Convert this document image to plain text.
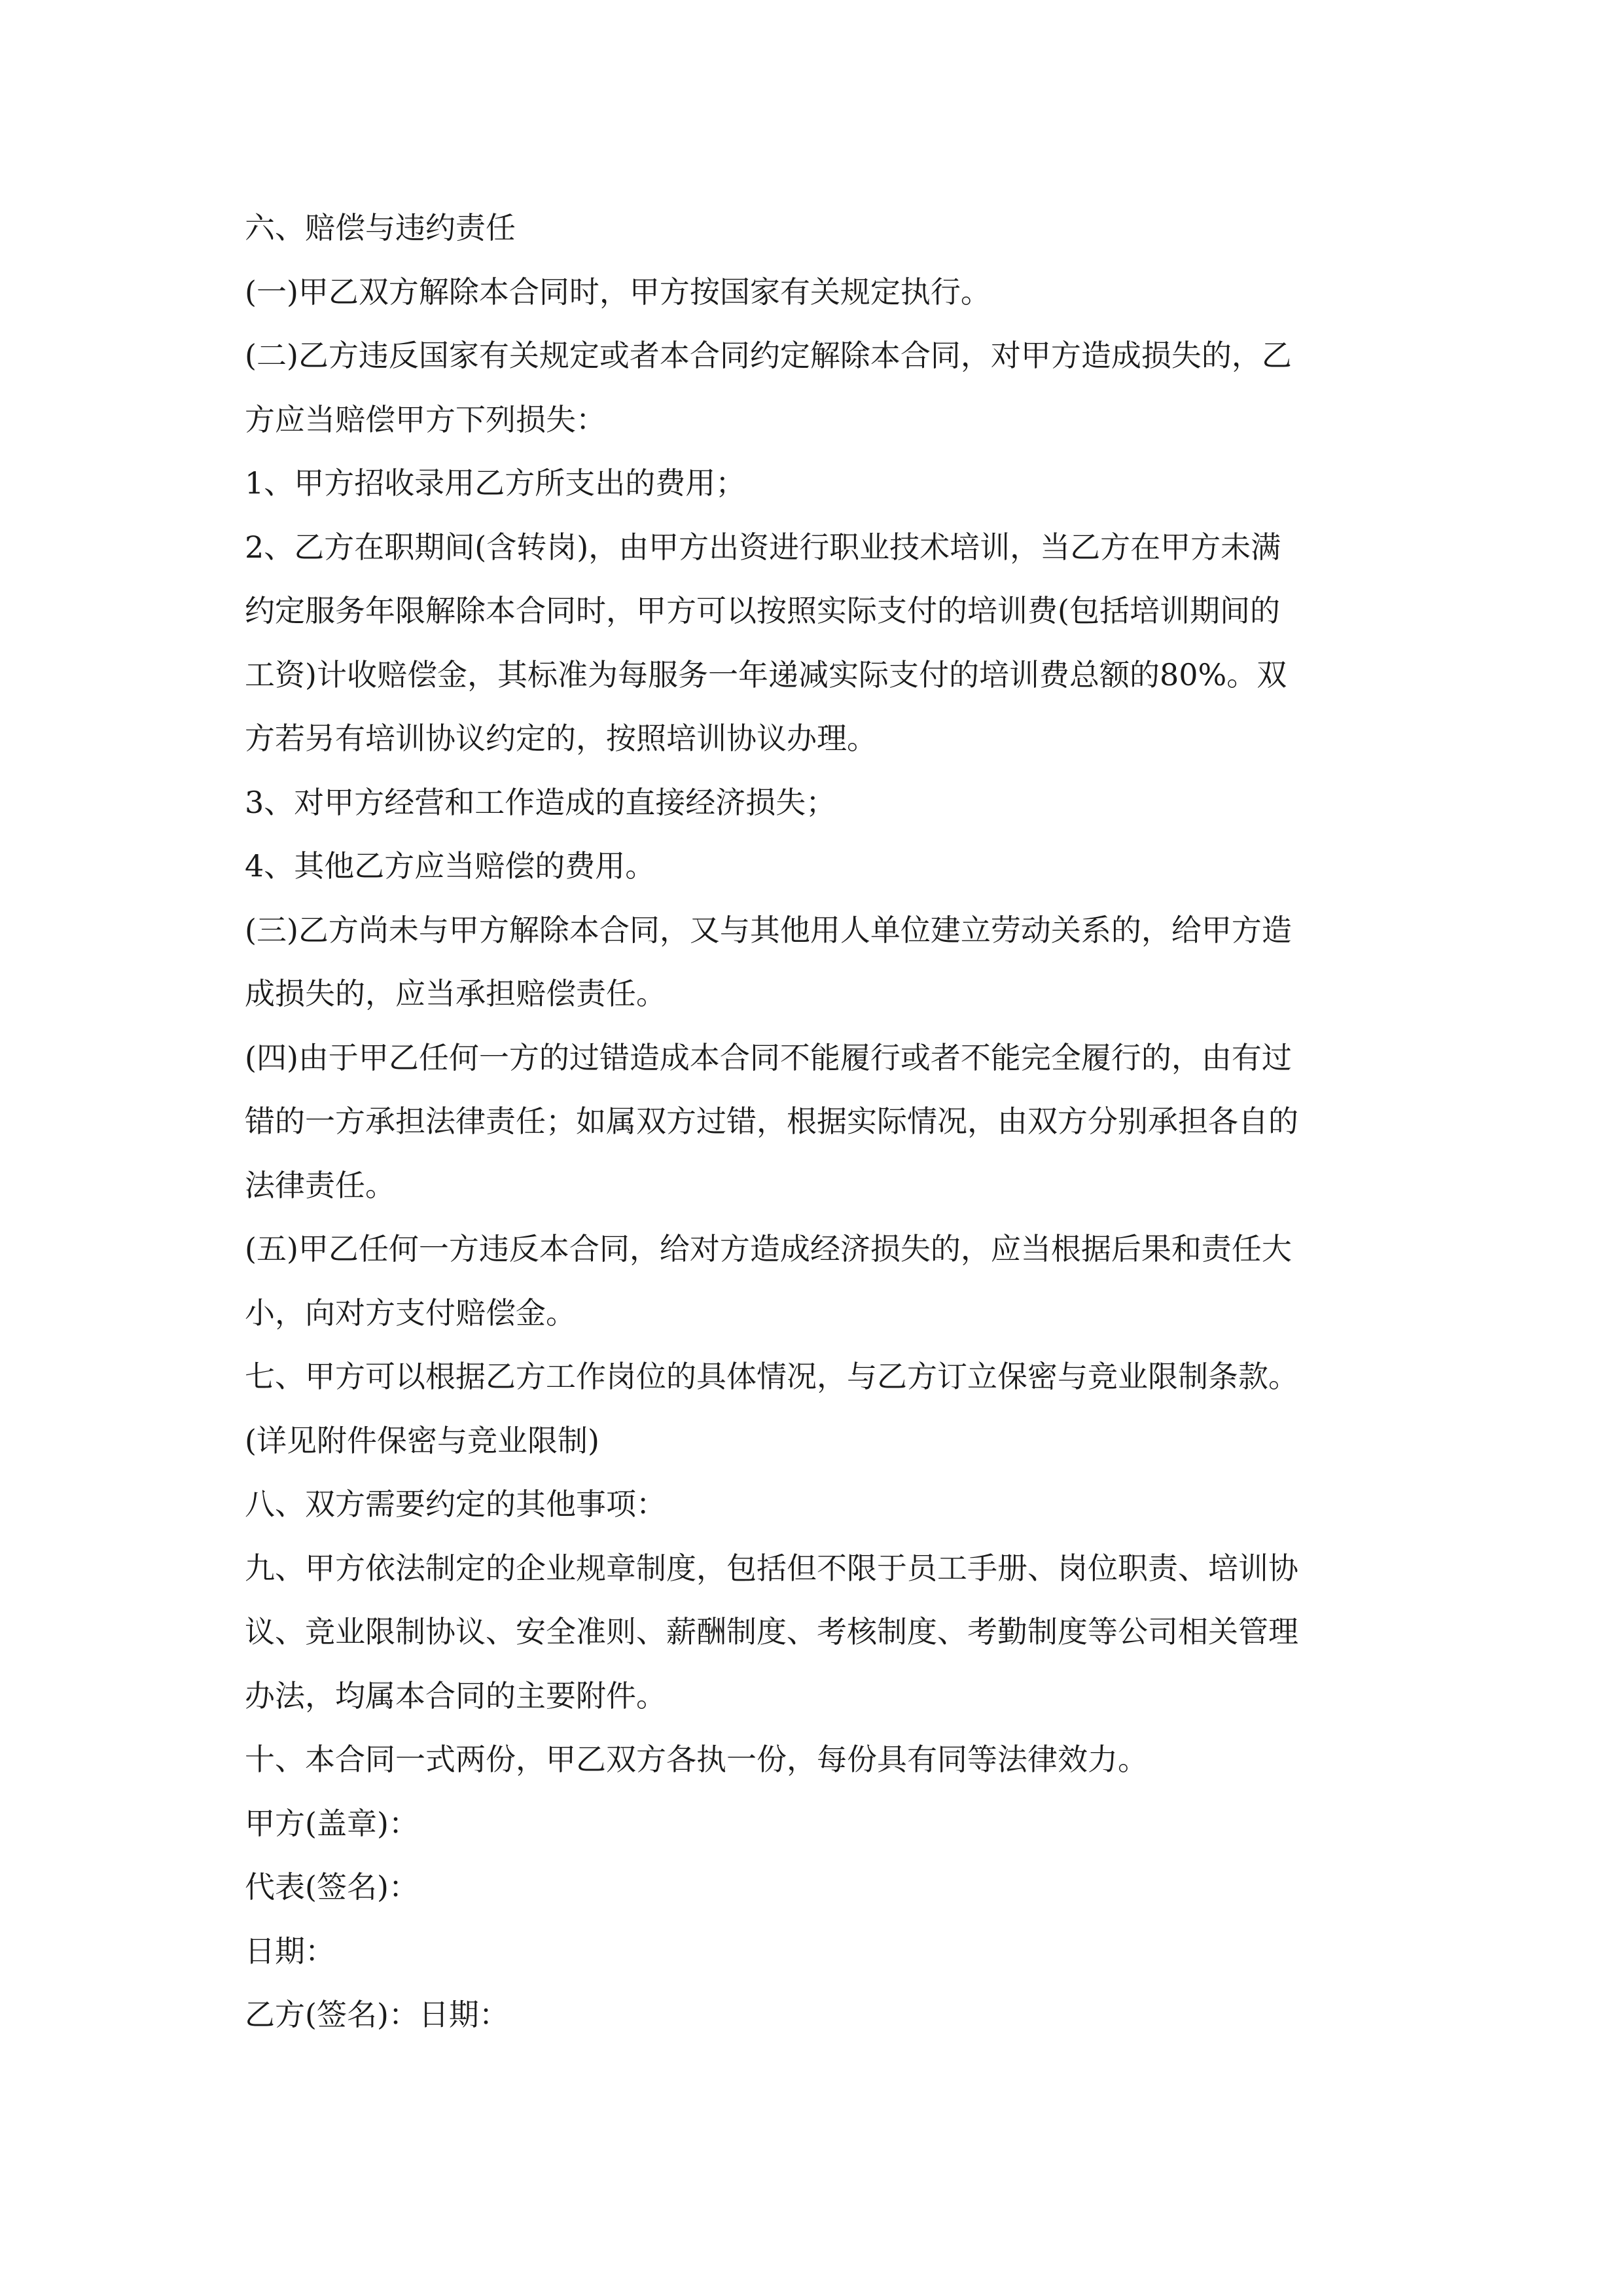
六、赔偿与违约责任
(一)甲乙双方解除本合同时，甲方按国家有关规定执行。
(二)乙方违反国家有关规定或者本合同约定解除本合同，对甲方造成损失的，乙
方应当赔偿甲方下列损失：
1、甲方招收录用乙方所支出的费用；
2、乙方在职期间(含转岗)，由甲方出资进行职业技术培训，当乙方在甲方未满
约定服务年限解除本合同时，甲方可以按照实际支付的培训费(包括培训期间的
工资)计收赔偿金，其标准为每服务一年递减实际支付的培训费总额的80%。双
方若另有培训协议约定的，按照培训协议办理。
3、对甲方经营和工作造成的直接经济损失；
4、其他乙方应当赔偿的费用。
(三)乙方尚未与甲方解除本合同，又与其他用人单位建立劳动关系的，给甲方造
成损失的，应当承担赔偿责任。
(四)由于甲乙任何一方的过错造成本合同不能履行或者不能完全履行的，由有过
错的一方承担法律责任；如属双方过错，根据实际情况，由双方分别承担各自的
法律责任。
(五)甲乙任何一方违反本合同，给对方造成经济损失的，应当根据后果和责任大
小，向对方支付赔偿金。
七、甲方可以根据乙方工作岗位的具体情况，与乙方订立保密与竞业限制条款。
(详见附件保密与竞业限制)
八、双方需要约定的其他事项：
九、甲方依法制定的企业规章制度，包括但不限于员工手册、岗位职责、培训协
议、竞业限制协议、安全准则、薪酬制度、考核制度、考勤制度等公司相关管理
办法，均属本合同的主要附件。
十、本合同一式两份，甲乙双方各执一份，每份具有同等法律效力。
甲方(盖章)：
代表(签名)：
日期：
乙方(签名)：日期：
